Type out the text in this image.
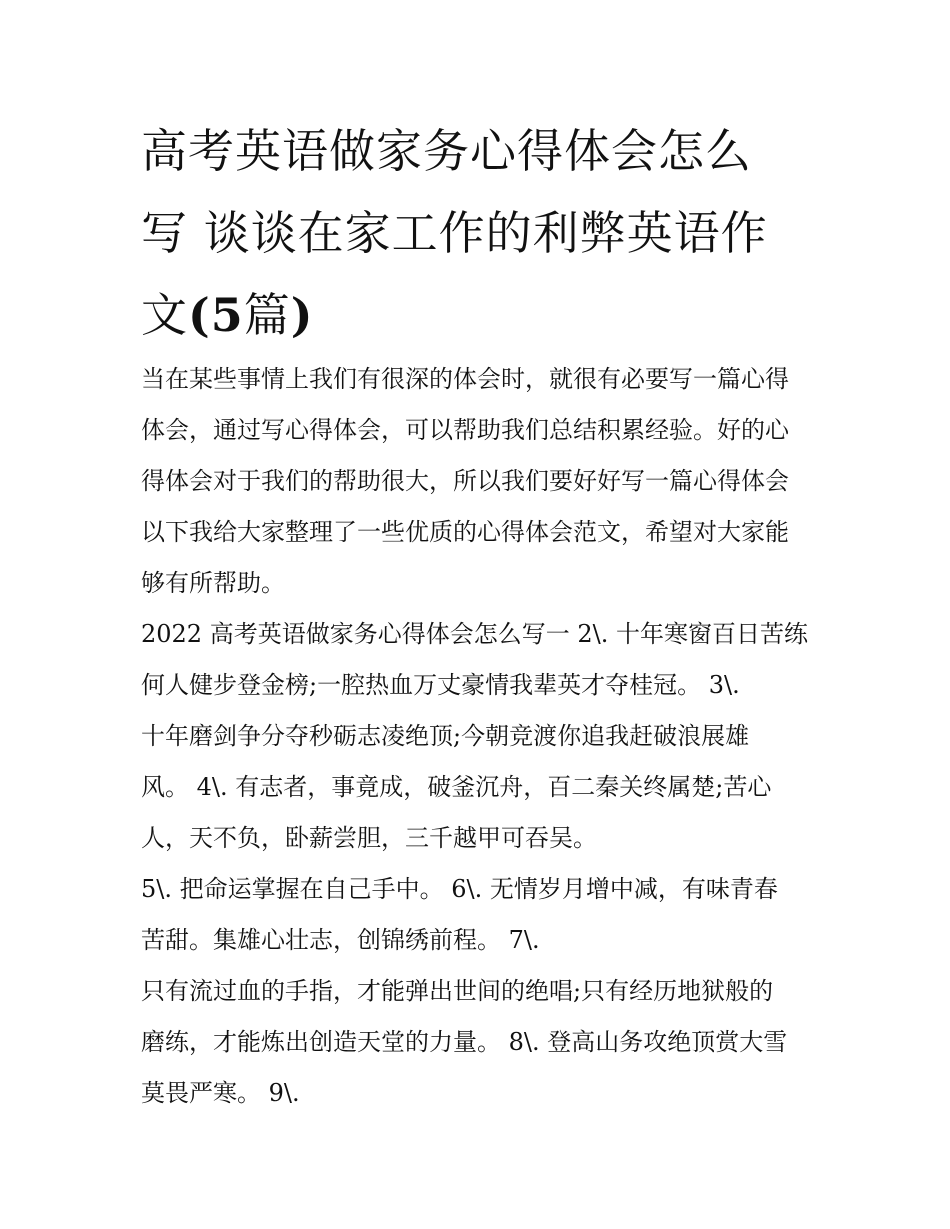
高考英语做家务心得体会怎么
写 谈谈在家工作的利弊英语作
文(5篇)
当在某些事情上我们有很深的体会时，就很有必要写一篇心得
体会，通过写心得体会，可以帮助我们总结积累经验。好的心
得体会对于我们的帮助很大，所以我们要好好写一篇心得体会
以下我给大家整理了一些优质的心得体会范文，希望对大家能
够有所帮助。
2022 高考英语做家务心得体会怎么写一 2\. 十年寒窗百日苦练
何人健步登金榜;一腔热血万丈豪情我辈英才夺桂冠。 3\.
十年磨剑争分夺秒砺志凌绝顶;今朝竞渡你追我赶破浪展雄
风。 4\. 有志者，事竟成，破釜沉舟，百二秦关终属楚;苦心
人，天不负，卧薪尝胆，三千越甲可吞吴。
5\. 把命运掌握在自己手中。 6\. 无情岁月增中减，有味青春
苦甜。集雄心壮志，创锦绣前程。 7\.
只有流过血的手指，才能弹出世间的绝唱;只有经历地狱般的
磨练，才能炼出创造天堂的力量。 8\. 登高山务攻绝顶赏大雪
莫畏严寒。 9\.
